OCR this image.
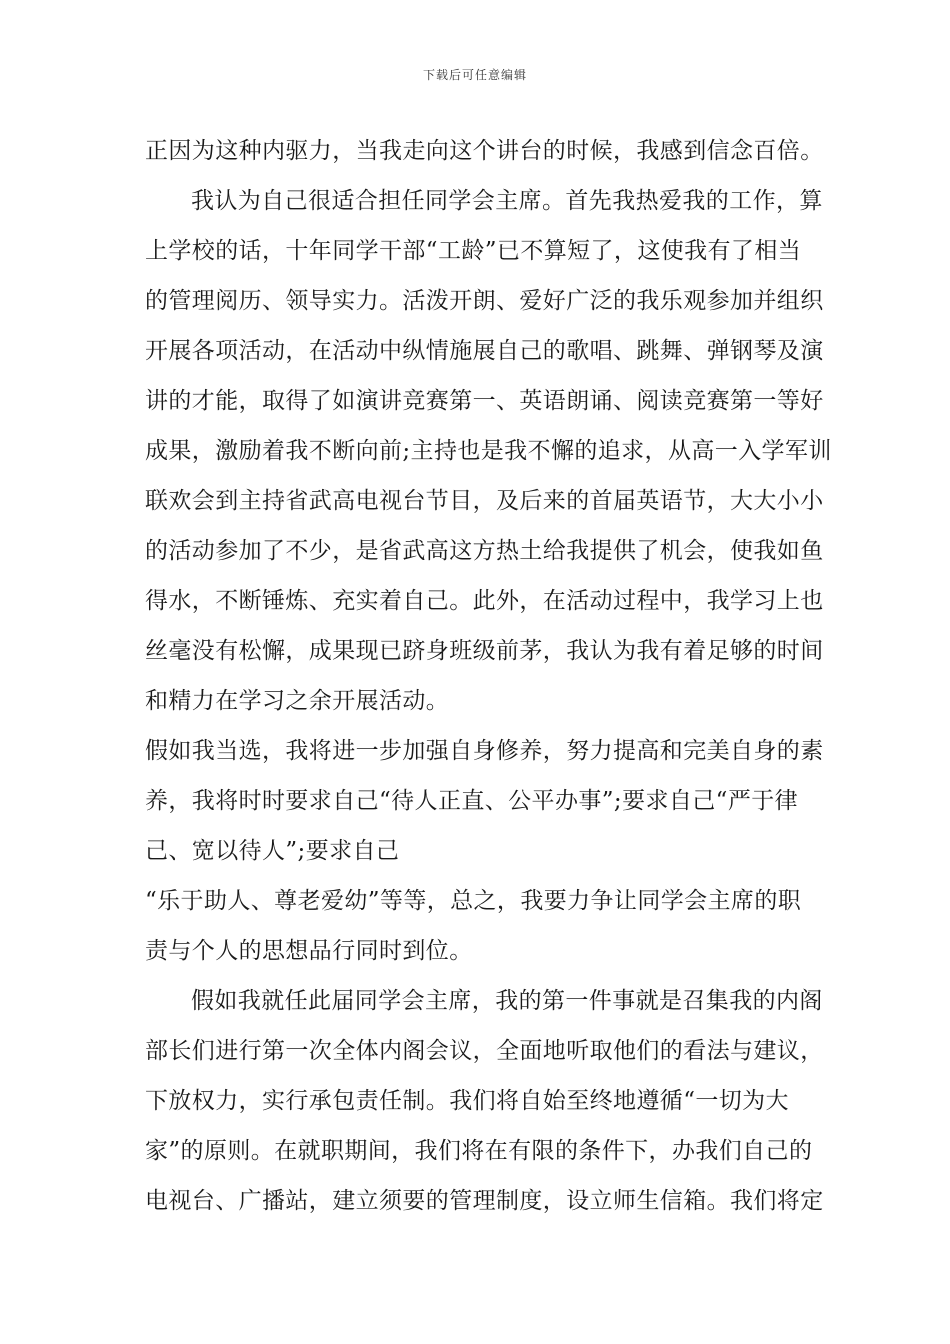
下载后可任意编辑
正因为这种内驱力，当我走向这个讲台的时候，我感到信念百倍。
我认为自己很适合担任同学会主席。首先我热爱我的工作，算
上学校的话，十年同学干部“工龄”已不算短了，这使我有了相当
的管理阅历、领导实力。活泼开朗、爱好广泛的我乐观参加并组织
开展各项活动，在活动中纵情施展自己的歌唱、跳舞、弹钢琴及演
讲的才能，取得了如演讲竞赛第一、英语朗诵、阅读竞赛第一等好
成果，激励着我不断向前;主持也是我不懈的追求，从高一入学军训
联欢会到主持省武高电视台节目，及后来的首届英语节，大大小小
的活动参加了不少，是省武高这方热土给我提供了机会，使我如鱼
得水，不断锤炼、充实着自己。此外，在活动过程中，我学习上也
丝毫没有松懈，成果现已跻身班级前茅，我认为我有着足够的时间
和精力在学习之余开展活动。
假如我当选，我将进一步加强自身修养，努力提高和完美自身的素
养，我将时时要求自己“待人正直、公平办事”;要求自己“严于律
己、宽以待人”;要求自己
“乐于助人、尊老爱幼”等等，总之，我要力争让同学会主席的职
责与个人的思想品行同时到位。
假如我就任此届同学会主席，我的第一件事就是召集我的内阁
部长们进行第一次全体内阁会议，全面地听取他们的看法与建议，
下放权力，实行承包责任制。我们将自始至终地遵循“一切为大
家”的原则。在就职期间，我们将在有限的条件下，办我们自己的
电视台、广播站，建立须要的管理制度，设立师生信箱。我们将定
